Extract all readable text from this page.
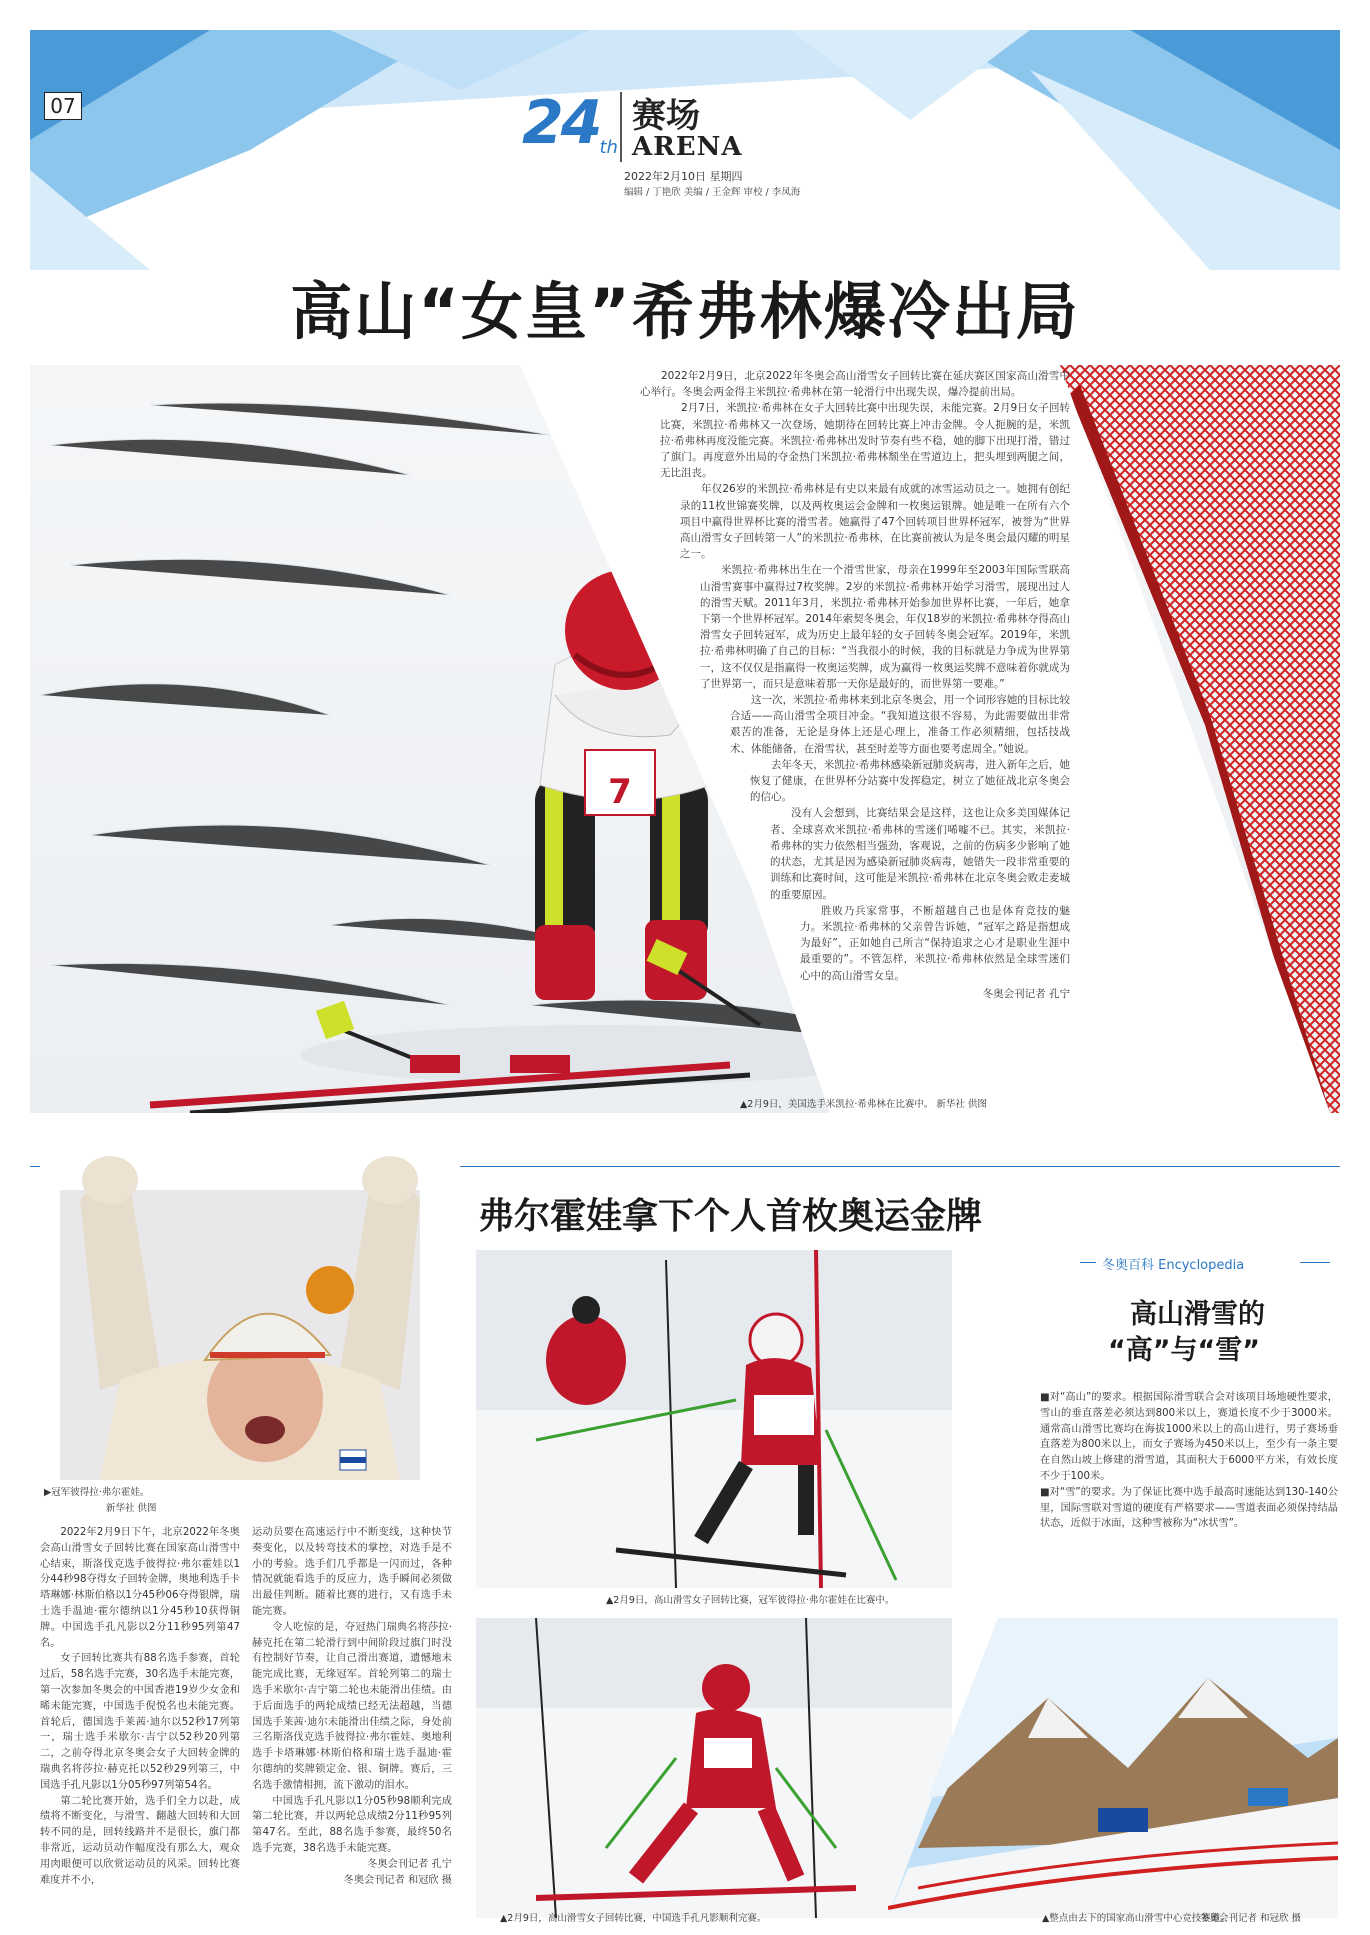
07	24th
赛场
ARENA
2022年2月10日 星期四
编辑 / 丁艳欣 美编 / 王金辉 审校 / 李凤海
高山“女皇”希弗林爆冷出局
7

2022年2月9日，北京2022年冬奥会高山滑雪女子回转比赛在延庆赛区国家高山滑雪中心举行。冬奥会两金得主米凯拉·希弗林在第一轮滑行中出现失误，爆冷提前出局。

2月7日，米凯拉·希弗林在女子大回转比赛中出现失误，未能完赛。2月9日女子回转比赛，米凯拉·希弗林又一次登场，她期待在回转比赛上冲击金牌。令人扼腕的是，米凯拉·希弗林再度没能完赛。米凯拉·希弗林出发时节奏有些不稳，她的脚下出现打滑，错过了旗门。再度意外出局的夺金热门米凯拉·希弗林颓坐在雪道边上，把头埋到两腿之间，无比沮丧。

年仅26岁的米凯拉·希弗林是有史以来最有成就的冰雪运动员之一。她拥有创纪录的11枚世锦赛奖牌，以及两枚奥运会金牌和一枚奥运银牌。她是唯一在所有六个项目中赢得世界杯比赛的滑雪者。她赢得了47个回转项目世界杯冠军，被誉为“世界高山滑雪女子回转第一人”的米凯拉·希弗林，在比赛前被认为是冬奥会最闪耀的明星之一。

米凯拉·希弗林出生在一个滑雪世家，母亲在1999年至2003年国际雪联高山滑雪赛事中赢得过7枚奖牌。2岁的米凯拉·希弗林开始学习滑雪，展现出过人的滑雪天赋。2011年3月，米凯拉·希弗林开始参加世界杯比赛，一年后，她拿下第一个世界杯冠军。2014年索契冬奥会，年仅18岁的米凯拉·希弗林夺得高山滑雪女子回转冠军，成为历史上最年轻的女子回转冬奥会冠军。2019年，米凯拉·希弗林明确了自己的目标：“当我很小的时候，我的目标就是力争成为世界第一，这不仅仅是指赢得一枚奥运奖牌，成为赢得一枚奥运奖牌不意味着你就成为了世界第一，而只是意味着那一天你是最好的，而世界第一要难。”

这一次，米凯拉·希弗林来到北京冬奥会，用一个词形容她的目标比较合适——高山滑雪全项目冲金。“我知道这很不容易，为此需要做出非常艰苦的准备，无论是身体上还是心理上，准备工作必须精细，包括技战术、体能储备，在滑雪状，甚至时差等方面也要考虑周全。”她说。

去年冬天，米凯拉·希弗林感染新冠肺炎病毒，进入新年之后，她恢复了健康，在世界杯分站赛中发挥稳定，树立了她征战北京冬奥会的信心。

没有人会想到，比赛结果会是这样，这也让众多美国媒体记者、全球喜欢米凯拉·希弗林的雪迷们唏嘘不已。其实，米凯拉·希弗林的实力依然相当强劲，客观说，之前的伤病多少影响了她的状态，尤其是因为感染新冠肺炎病毒，她错失一段非常重要的训练和比赛时间，这可能是米凯拉·希弗林在北京冬奥会败走麦城的重要原因。

胜败乃兵家常事，不断超越自己也是体育竞技的魅力。米凯拉·希弗林的父亲曾告诉她，“冠军之路是指想成为最好”，正如她自己所言“保持追求之心才是职业生涯中最重要的”。不管怎样，米凯拉·希弗林依然是全球雪迷们心中的高山滑雪女皇。

冬奥会刊记者 孔宁

▲2月9日，美国选手米凯拉·希弗林在比赛中。 新华社 供图
▶冠军彼得拉·弗尔霍娃。
新华社 供图
弗尔霍娃拿下个人首枚奥运金牌

2022年2月9日下午，北京2022年冬奥会高山滑雪女子回转比赛在国家高山滑雪中心结束，斯洛伐克选手彼得拉·弗尔霍娃以1分44秒98夺得女子回转金牌，奥地利选手卡塔琳娜·林斯伯格以1分45秒06夺得银牌，瑞士选手温迪·霍尔德纳以1分45秒10获得铜牌。中国选手孔凡影以2分11秒95列第47名。

女子回转比赛共有88名选手参赛，首轮过后，58名选手完赛，30名选手未能完赛，第一次参加冬奥会的中国香港19岁少女金和晞未能完赛，中国选手倪悦名也未能完赛。首轮后，德国选手莱茜·迪尔以52秒17列第一，瑞士选手米歇尔·吉宁以52秒20列第二，之前夺得北京冬奥会女子大回转金牌的瑞典名将莎拉·赫克托以52秒29列第三，中国选手孔凡影以1分05秒97列第54名。

第二轮比赛开始，选手们全力以赴，成绩将不断变化，与滑雪、翻越大回转和大回转不同的是，回转线路并不是很长，旗门都非常近，运动员动作幅度没有那么大，观众用肉眼便可以欣赏运动员的风采。回转比赛难度并不小，

运动员要在高速运行中不断变线，这种快节奏变化，以及转弯技术的掌控，对选手是不小的考验。选手们几乎都是一闪而过，各种情况就能看选手的反应力，选手瞬间必须做出最佳判断。随着比赛的进行，又有选手未能完赛。

令人吃惊的是，夺冠热门瑞典名将莎拉·赫克托在第二轮滑行到中间阶段过旗门时没有控制好节奏，让自己滑出赛道，遗憾地未能完成比赛，无缘冠军。首轮列第二的瑞士选手米歇尔·吉宁第二轮也未能滑出佳绩。由于后面选手的两轮成绩已经无法超越，当德国选手莱茜·迪尔未能滑出佳绩之际，身处前三名斯洛伐克选手彼得拉·弗尔霍娃、奥地利选手卡塔琳娜·林斯伯格和瑞士选手温迪·霍尔德纳的奖牌锁定金、银、铜牌。赛后，三名选手激情相拥，流下激动的泪水。

中国选手孔凡影以1分05秒98顺利完成第二轮比赛，并以两轮总成绩2分11秒95列第47名。至此，88名选手参赛，最终50名选手完赛，38名选手未能完赛。

冬奥会刊记者 孔宁

冬奥会刊记者 和冠欣 摄

▲2月9日，高山滑雪女子回转比赛，冠军彼得拉·弗尔霍娃在比赛中。
▲2月9日，高山滑雪女子回转比赛，中国选手孔凡影顺利完赛。
冬奥百科 Encyclopedia
高山滑雪的
“高”与“雪”

■对“高山”的要求。根据国际滑雪联合会对该项目场地硬性要求，雪山的垂直落差必须达到800米以上，赛道长度不少于3000米。通常高山滑雪比赛均在海拔1000米以上的高山进行，男子赛场垂直落差为800米以上，而女子赛场为450米以上，至少有一条主要在自然山坡上修建的滑雪道，其面积大于6000平方米，有效长度不少于100米。

■对“雪”的要求。为了保证比赛中选手最高时速能达到130-140公里，国际雪联对雪道的硬度有严格要求——雪道表面必须保持结晶状态，近似于冰面，这种雪被称为“冰状雪”。

▲整点由去下的国家高山滑雪中心竞技赛道。
冬奥会刊记者 和冠欣 摄
